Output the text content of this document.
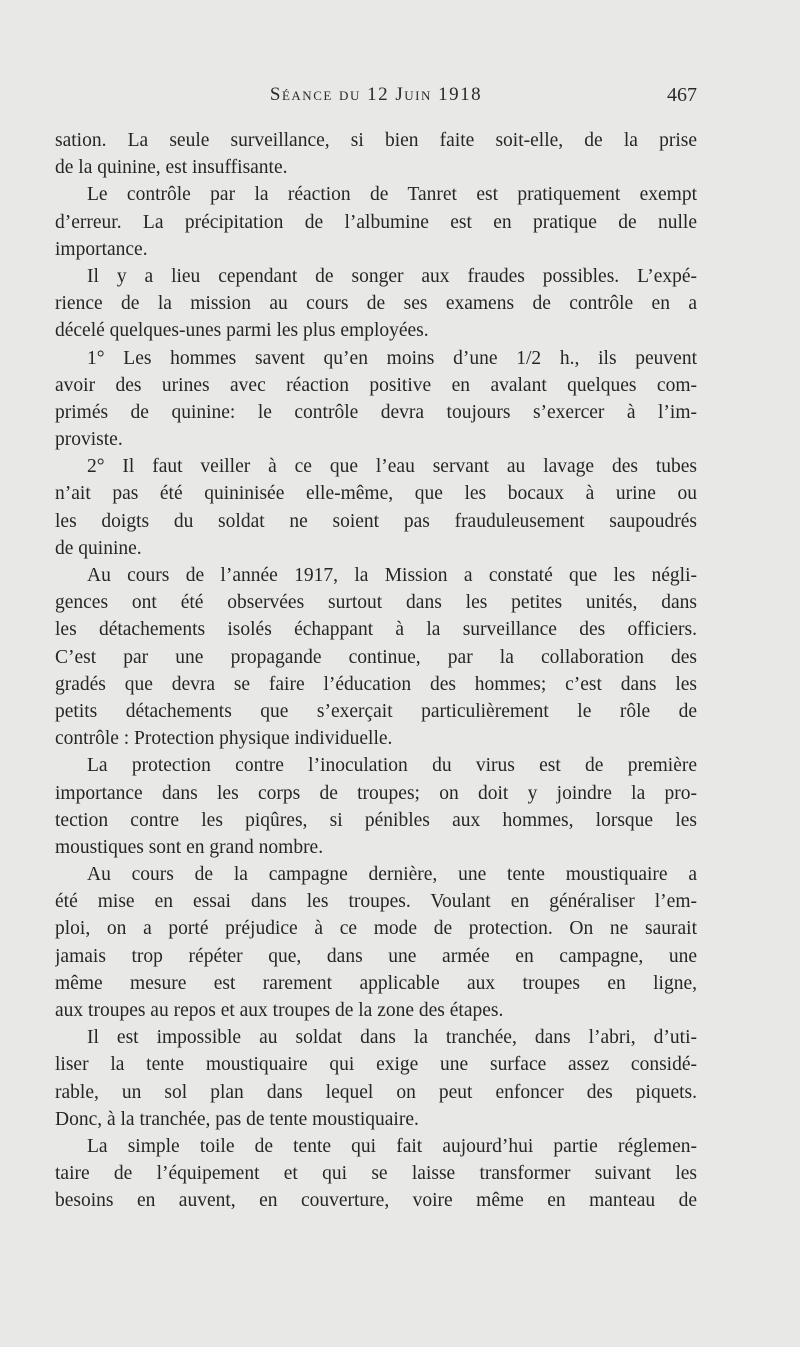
Séance du 12 Juin 1918	467
sation. La seule surveillance, si bien faite soit-elle, de la prise
de la quinine, est insuffisante.
Le contrôle par la réaction de Tanret est pratiquement exempt
d’erreur. La précipitation de l’albumine est en pratique de nulle
importance.
Il y a lieu cependant de songer aux fraudes possibles. L’expé-
rience de la mission au cours de ses examens de contrôle en a
décelé quelques-unes parmi les plus employées.
1° Les hommes savent qu’en moins d’une 1/2 h., ils peuvent
avoir des urines avec réaction positive en avalant quelques com-
primés de quinine: le contrôle devra toujours s’exercer à l’im-
proviste.
2° Il faut veiller à ce que l’eau servant au lavage des tubes
n’ait pas été quininisée elle-même, que les bocaux à urine ou
les doigts du soldat ne soient pas frauduleusement saupoudrés
de quinine.
Au cours de l’année 1917, la Mission a constaté que les négli-
gences ont été observées surtout dans les petites unités, dans
les détachements isolés échappant à la surveillance des officiers.
C’est par une propagande continue, par la collaboration des
gradés que devra se faire l’éducation des hommes; c’est dans les
petits détachements que s’exerçait particulièrement le rôle de
contrôle : Protection physique individuelle.
La protection contre l’inoculation du virus est de première
importance dans les corps de troupes; on doit y joindre la pro-
tection contre les piqûres, si pénibles aux hommes, lorsque les
moustiques sont en grand nombre.
Au cours de la campagne dernière, une tente moustiquaire a
été mise en essai dans les troupes. Voulant en généraliser l’em-
ploi, on a porté préjudice à ce mode de protection. On ne saurait
jamais trop répéter que, dans une armée en campagne, une
même mesure est rarement applicable aux troupes en ligne,
aux troupes au repos et aux troupes de la zone des étapes.
Il est impossible au soldat dans la tranchée, dans l’abri, d’uti-
liser la tente moustiquaire qui exige une surface assez considé-
rable, un sol plan dans lequel on peut enfoncer des piquets.
Donc, à la tranchée, pas de tente moustiquaire.
La simple toile de tente qui fait aujourd’hui partie réglemen-
taire de l’équipement et qui se laisse transformer suivant les
besoins en auvent, en couverture, voire même en manteau de
